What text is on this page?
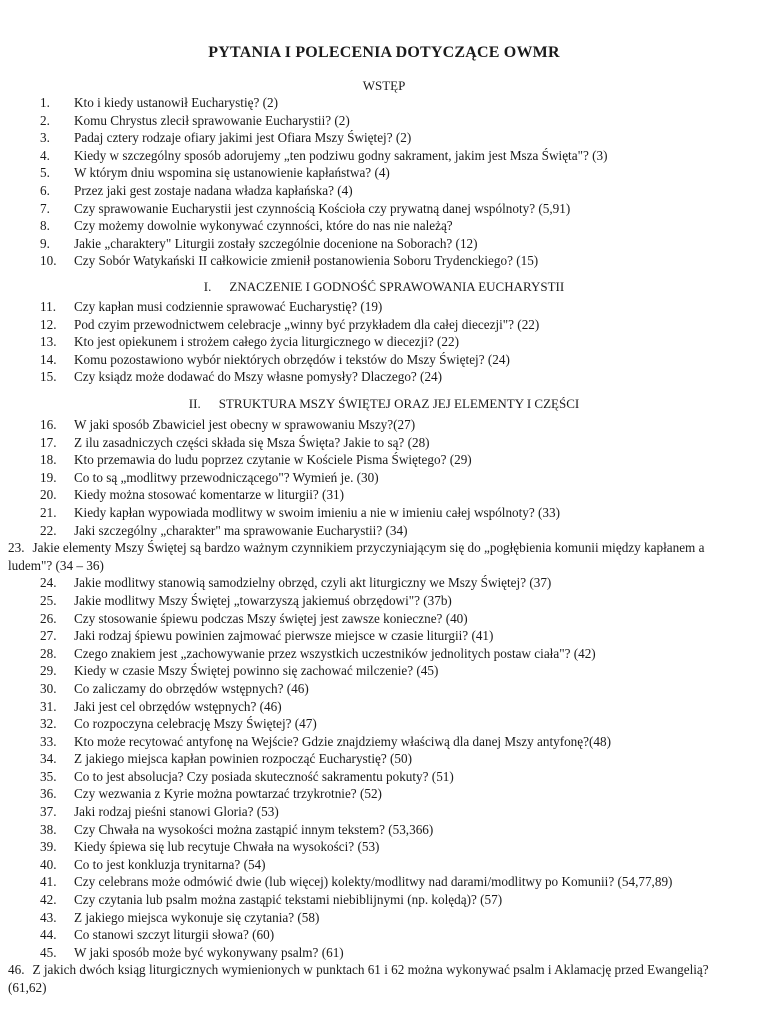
PYTANIA I POLECENIA DOTYCZĄCE OWMR
WSTĘP
1.	Kto i kiedy ustanowił Eucharystię? (2)
2.	Komu Chrystus zlecił sprawowanie Eucharystii? (2)
3.	Padaj cztery rodzaje ofiary jakimi jest Ofiara Mszy Świętej? (2)
4.	Kiedy w szczególny sposób adorujemy „ten podziwu godny sakrament, jakim jest Msza Święta"? (3)
5.	W którym dniu wspomina się ustanowienie kapłaństwa? (4)
6.	Przez jaki gest zostaje nadana władza kapłańska? (4)
7.	Czy sprawowanie Eucharystii jest czynnością Kościoła czy prywatną danej wspólnoty? (5,91)
8.	Czy możemy dowolnie wykonywać czynności, które do nas nie należą?
9.	Jakie „charaktery" Liturgii zostały szczególnie docenione na Soborach? (12)
10.	Czy Sobór Watykański II całkowicie zmienił postanowienia Soboru Trydenckiego? (15)
I. ZNACZENIE I GODNOŚĆ SPRAWOWANIA EUCHARYSTII
11.	Czy kapłan musi codziennie sprawować Eucharystię? (19)
12.	Pod czyim przewodnictwem celebracje „winny być przykładem dla całej diecezji"? (22)
13.	Kto jest opiekunem i strożem całego życia liturgicznego w diecezji? (22)
14.	Komu pozostawiono wybór niektórych obrzędów i tekstów do Mszy Świętej? (24)
15.	Czy ksiądz może dodawać do Mszy własne pomysły? Dlaczego? (24)
II. STRUKTURA MSZY ŚWIĘTEJ ORAZ JEJ ELEMENTY I CZĘŚCI
16.	W jaki sposób Zbawiciel jest obecny w sprawowaniu Mszy?(27)
17.	Z ilu zasadniczych części składa się Msza Święta? Jakie to są? (28)
18.	Kto przemawia do ludu poprzez czytanie w Kościele Pisma Świętego? (29)
19.	Co to są „modlitwy przewodniczącego"? Wymień je. (30)
20.	Kiedy można stosować komentarze w liturgii? (31)
21.	Kiedy kapłan wypowiada modlitwy w swoim imieniu a nie w imieniu całej wspólnoty? (33)
22.	Jaki szczególny „charakter" ma sprawowanie Eucharystii? (34)
23. Jakie elementy Mszy Świętej są bardzo ważnym czynnikiem przyczyniającym się do „pogłębienia komunii między kapłanem a ludem"? (34 – 36)
24.	Jakie modlitwy stanowią samodzielny obrzęd, czyli akt liturgiczny we Mszy Świętej? (37)
25.	Jakie modlitwy Mszy Świętej „towarzyszą jakiemuś obrzędowi"? (37b)
26.	Czy stosowanie śpiewu podczas Mszy świętej jest zawsze konieczne? (40)
27.	Jaki rodzaj śpiewu powinien zajmować pierwsze miejsce w czasie liturgii? (41)
28.	Czego znakiem jest „zachowywanie przez wszystkich uczestników jednolitych postaw ciała"? (42)
29.	Kiedy w czasie Mszy Świętej powinno się zachować milczenie? (45)
30.	Co zaliczamy do obrzędów wstępnych? (46)
31.	Jaki jest cel obrzędów wstępnych? (46)
32.	Co rozpoczyna celebrację Mszy Świętej? (47)
33.	Kto może recytować antyfonę na Wejście? Gdzie znajdziemy właściwą dla danej Mszy antyfonę?(48)
34.	Z jakiego miejsca kapłan powinien rozpocząć Eucharystię? (50)
35.	Co to jest absolucja? Czy posiada skuteczność sakramentu pokuty? (51)
36.	Czy wezwania z Kyrie można powtarzać trzykrotnie? (52)
37.	Jaki rodzaj pieśni stanowi Gloria? (53)
38.	Czy Chwała na wysokości można zastąpić innym tekstem? (53,366)
39.	Kiedy śpiewa się lub recytuje Chwała na wysokości? (53)
40.	Co to jest konkluzja trynitarna? (54)
41.	Czy celebrans może odmówić dwie (lub więcej) kolekty/modlitwy nad darami/modlitwy po Komunii? (54,77,89)
42.	Czy czytania lub psalm można zastąpić tekstami niebiblijnymi (np. kolędą)? (57)
43.	Z jakiego miejsca wykonuje się czytania? (58)
44.	Co stanowi szczyt liturgii słowa? (60)
45.	W jaki sposób może być wykonywany psalm? (61)
46. Z jakich dwóch ksiąg liturgicznych wymienionych w punktach 61 i 62 można wykonywać psalm i Aklamację przed Ewangelią? (61,62)
